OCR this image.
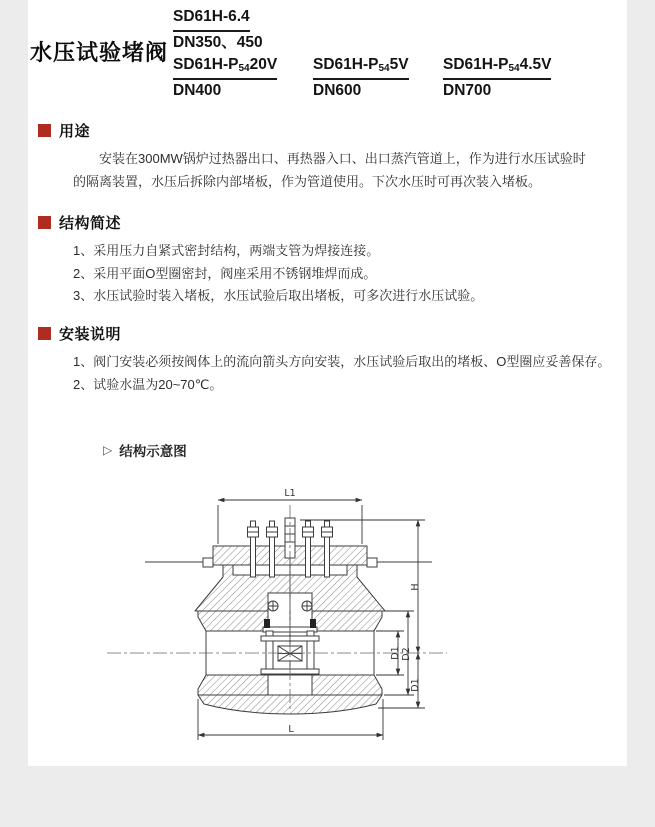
水压试验堵阀
SD61H-6.4
DN350、450
$SD61H-P_{54}20V$
DN400
$SD61H-P_{54}5V$
DN600
$SD61H-P_{54}4.5V$
DN700
用途
安装在300MW锅炉过热器出口、再热器入口、出口蒸汽管道上，作为进行水压试验时的隔离装置，水压后拆除内部堵板，作为管道使用。下次水压时可再次装入堵板。
结构简述
1、采用压力自紧式密封结构，两端支管为焊接连接。
2、采用平面O型圈密封，阀座采用不锈钢堆焊而成。
3、水压试验时装入堵板，水压试验后取出堵板，可多次进行水压试验。
安装说明
1、阀门安装必须按阀体上的流向箭头方向安装，水压试验后取出的堵板、O型圈应妥善保存。
2、试验水温为20~70℃。
▷ 结构示意图
L1
L
D1 D2
H
D1
